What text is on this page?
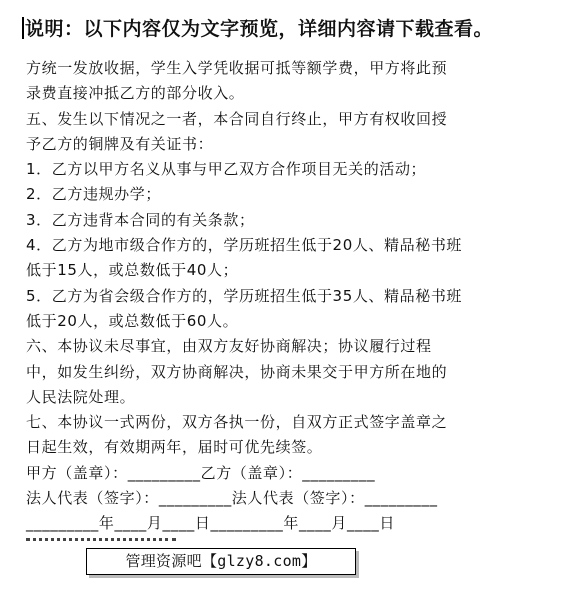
说明：以下内容仅为文字预览，详细内容请下载查看。
方统一发放收据，学生入学凭收据可抵等额学费，甲方将此预
录费直接冲抵乙方的部分收入。
五、发生以下情况之一者，本合同自行终止，甲方有权收回授
予乙方的铜牌及有关证书：
1．乙方以甲方名义从事与甲乙双方合作项目无关的活动；
2．乙方违规办学；
3．乙方违背本合同的有关条款；
4．乙方为地市级合作方的，学历班招生低于20人、精品秘书班
低于15人，或总数低于40人；
5．乙方为省会级合作方的，学历班招生低于35人、精品秘书班
低于20人，或总数低于60人。
六、本协议未尽事宜，由双方友好协商解决；协议履行过程
中，如发生纠纷，双方协商解决，协商未果交于甲方所在地的
人民法院处理。
七、本协议一式两份，双方各执一份，自双方正式签字盖章之
日起生效，有效期两年，届时可优先续签。
甲方（盖章）：_________乙方（盖章）：_________
法人代表（签字）：_________法人代表（签字）：_________
_________年____月____日_________年____月____日
管理资源吧【glzy8.com】
